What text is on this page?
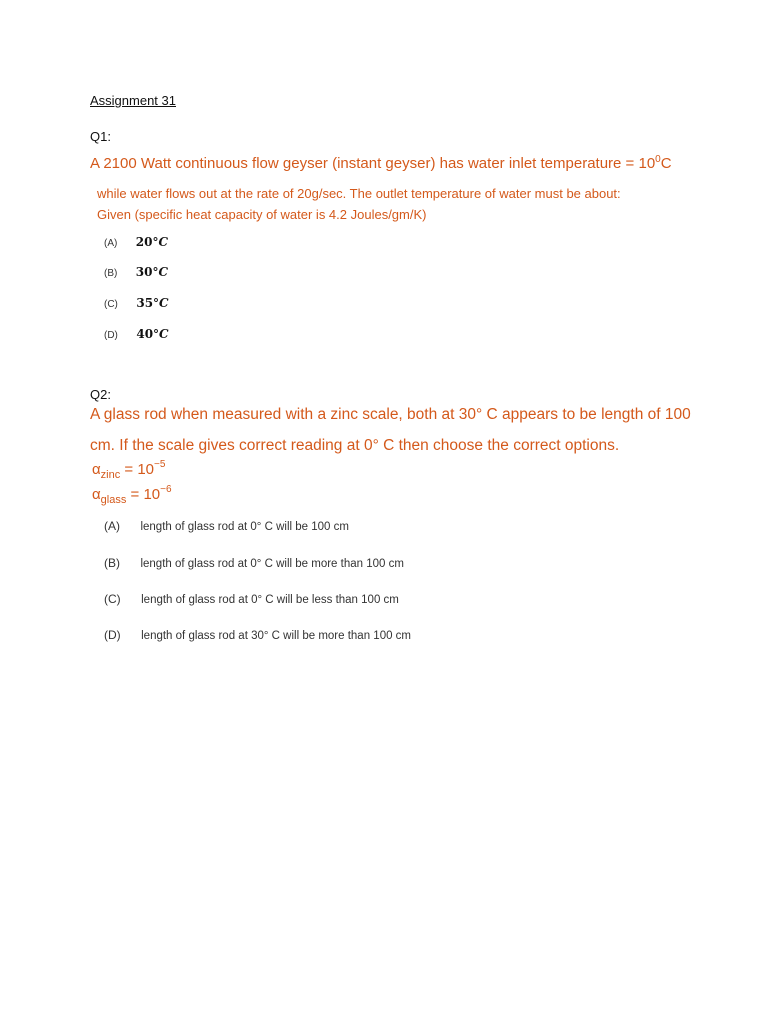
Assignment 31
Q1:
A 2100 Watt continuous flow geyser (instant geyser) has water inlet temperature = $10^0C$
while water flows out at the rate of 20g/sec. The outlet temperature of water must be about:
Given (specific heat capacity of water is 4.2 Joules/gm/K)
(A) 20°C
(B) 30°C
(C) 35°C
(D) 40°C
Q2:
A glass rod when measured with a zinc scale, both at 30° C appears to be length of 100
cm. If the scale gives correct reading at 0° C then choose the correct options.
$\alpha_{zinc} = 10^{-5}$
$\alpha_{glass} = 10^{-6}$
(A) length of glass rod at 0° C will be 100 cm
(B) length of glass rod at 0° C will be more than 100 cm
(C) length of glass rod at 0° C will be less than 100 cm
(D) length of glass rod at 30° C will be more than 100 cm
